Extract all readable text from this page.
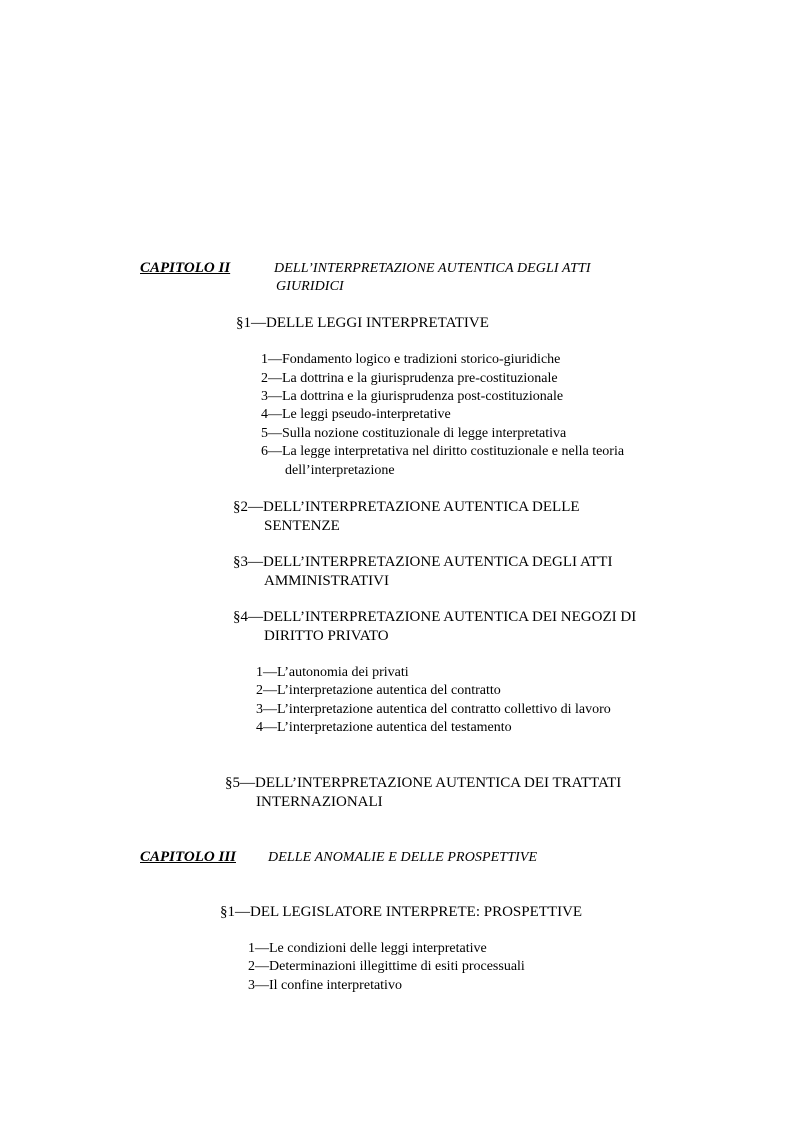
CAPITOLO II	DELL’INTERPRETAZIONE AUTENTICA DEGLI ATTI
GIURIDICI
§1—DELLE LEGGI INTERPRETATIVE
1—Fondamento logico e tradizioni storico-giuridiche
2—La dottrina e la giurisprudenza pre-costituzionale
3—La dottrina e la giurisprudenza post-costituzionale
4—Le leggi pseudo-interpretative
5—Sulla nozione costituzionale di legge interpretativa
6—La legge interpretativa nel diritto costituzionale e nella teoria
dell’interpretazione
§2—DELL’INTERPRETAZIONE AUTENTICA DELLE
SENTENZE
§3—DELL’INTERPRETAZIONE AUTENTICA DEGLI ATTI
AMMINISTRATIVI
§4—DELL’INTERPRETAZIONE AUTENTICA DEI NEGOZI DI
DIRITTO PRIVATO
1—L’autonomia dei privati
2—L’interpretazione autentica del contratto
3—L’interpretazione autentica del contratto collettivo di lavoro
4—L’interpretazione autentica del testamento
§5—DELL’INTERPRETAZIONE AUTENTICA DEI TRATTATI
INTERNAZIONALI
CAPITOLO III DELLE ANOMALIE E DELLE PROSPETTIVE
§1—DEL LEGISLATORE INTERPRETE: PROSPETTIVE
1—Le condizioni delle leggi interpretative
2—Determinazioni illegittime di esiti processuali
3—Il confine interpretativo
